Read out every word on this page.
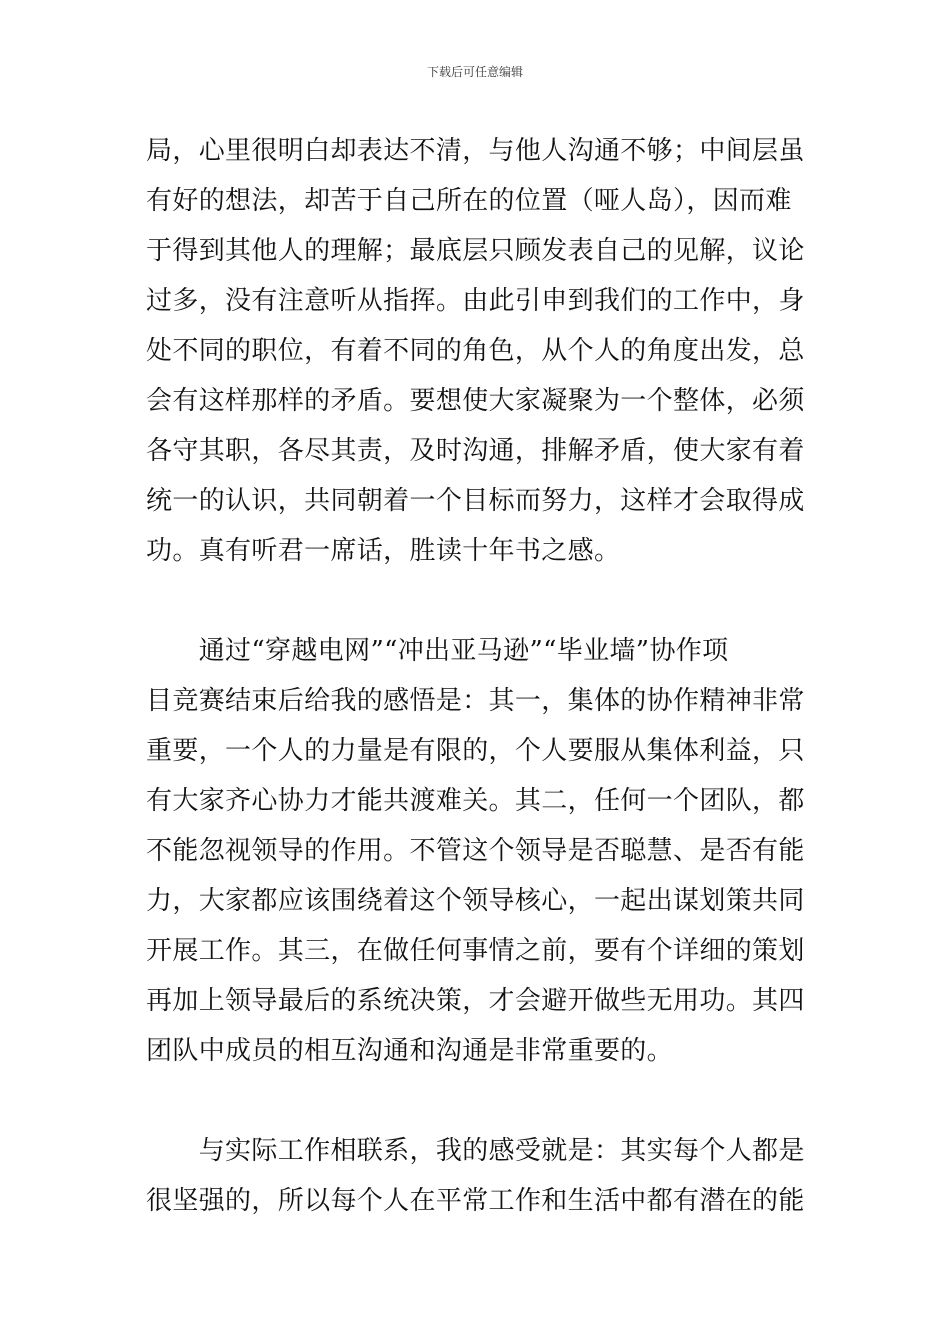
下载后可任意编辑
局，心里很明白却表达不清，与他人沟通不够；中间层虽
有好的想法，却苦于自己所在的位置（哑人岛），因而难
于得到其他人的理解；最底层只顾发表自己的见解，议论
过多，没有注意听从指挥。由此引申到我们的工作中，身
处不同的职位，有着不同的角色，从个人的角度出发，总
会有这样那样的矛盾。要想使大家凝聚为一个整体，必须
各守其职，各尽其责，及时沟通，排解矛盾，使大家有着
统一的认识，共同朝着一个目标而努力，这样才会取得成
功。真有听君一席话，胜读十年书之感。
　　通过“穿越电网”“冲出亚马逊”“毕业墙”协作项
目竞赛结束后给我的感悟是：其一，集体的协作精神非常
重要，一个人的力量是有限的，个人要服从集体利益，只
有大家齐心协力才能共渡难关。其二，任何一个团队，都
不能忽视领导的作用。不管这个领导是否聪慧、是否有能
力，大家都应该围绕着这个领导核心，一起出谋划策共同
开展工作。其三，在做任何事情之前，要有个详细的策划
再加上领导最后的系统决策，才会避开做些无用功。其四
团队中成员的相互沟通和沟通是非常重要的。
　　与实际工作相联系，我的感受就是：其实每个人都是
很坚强的，所以每个人在平常工作和生活中都有潜在的能
